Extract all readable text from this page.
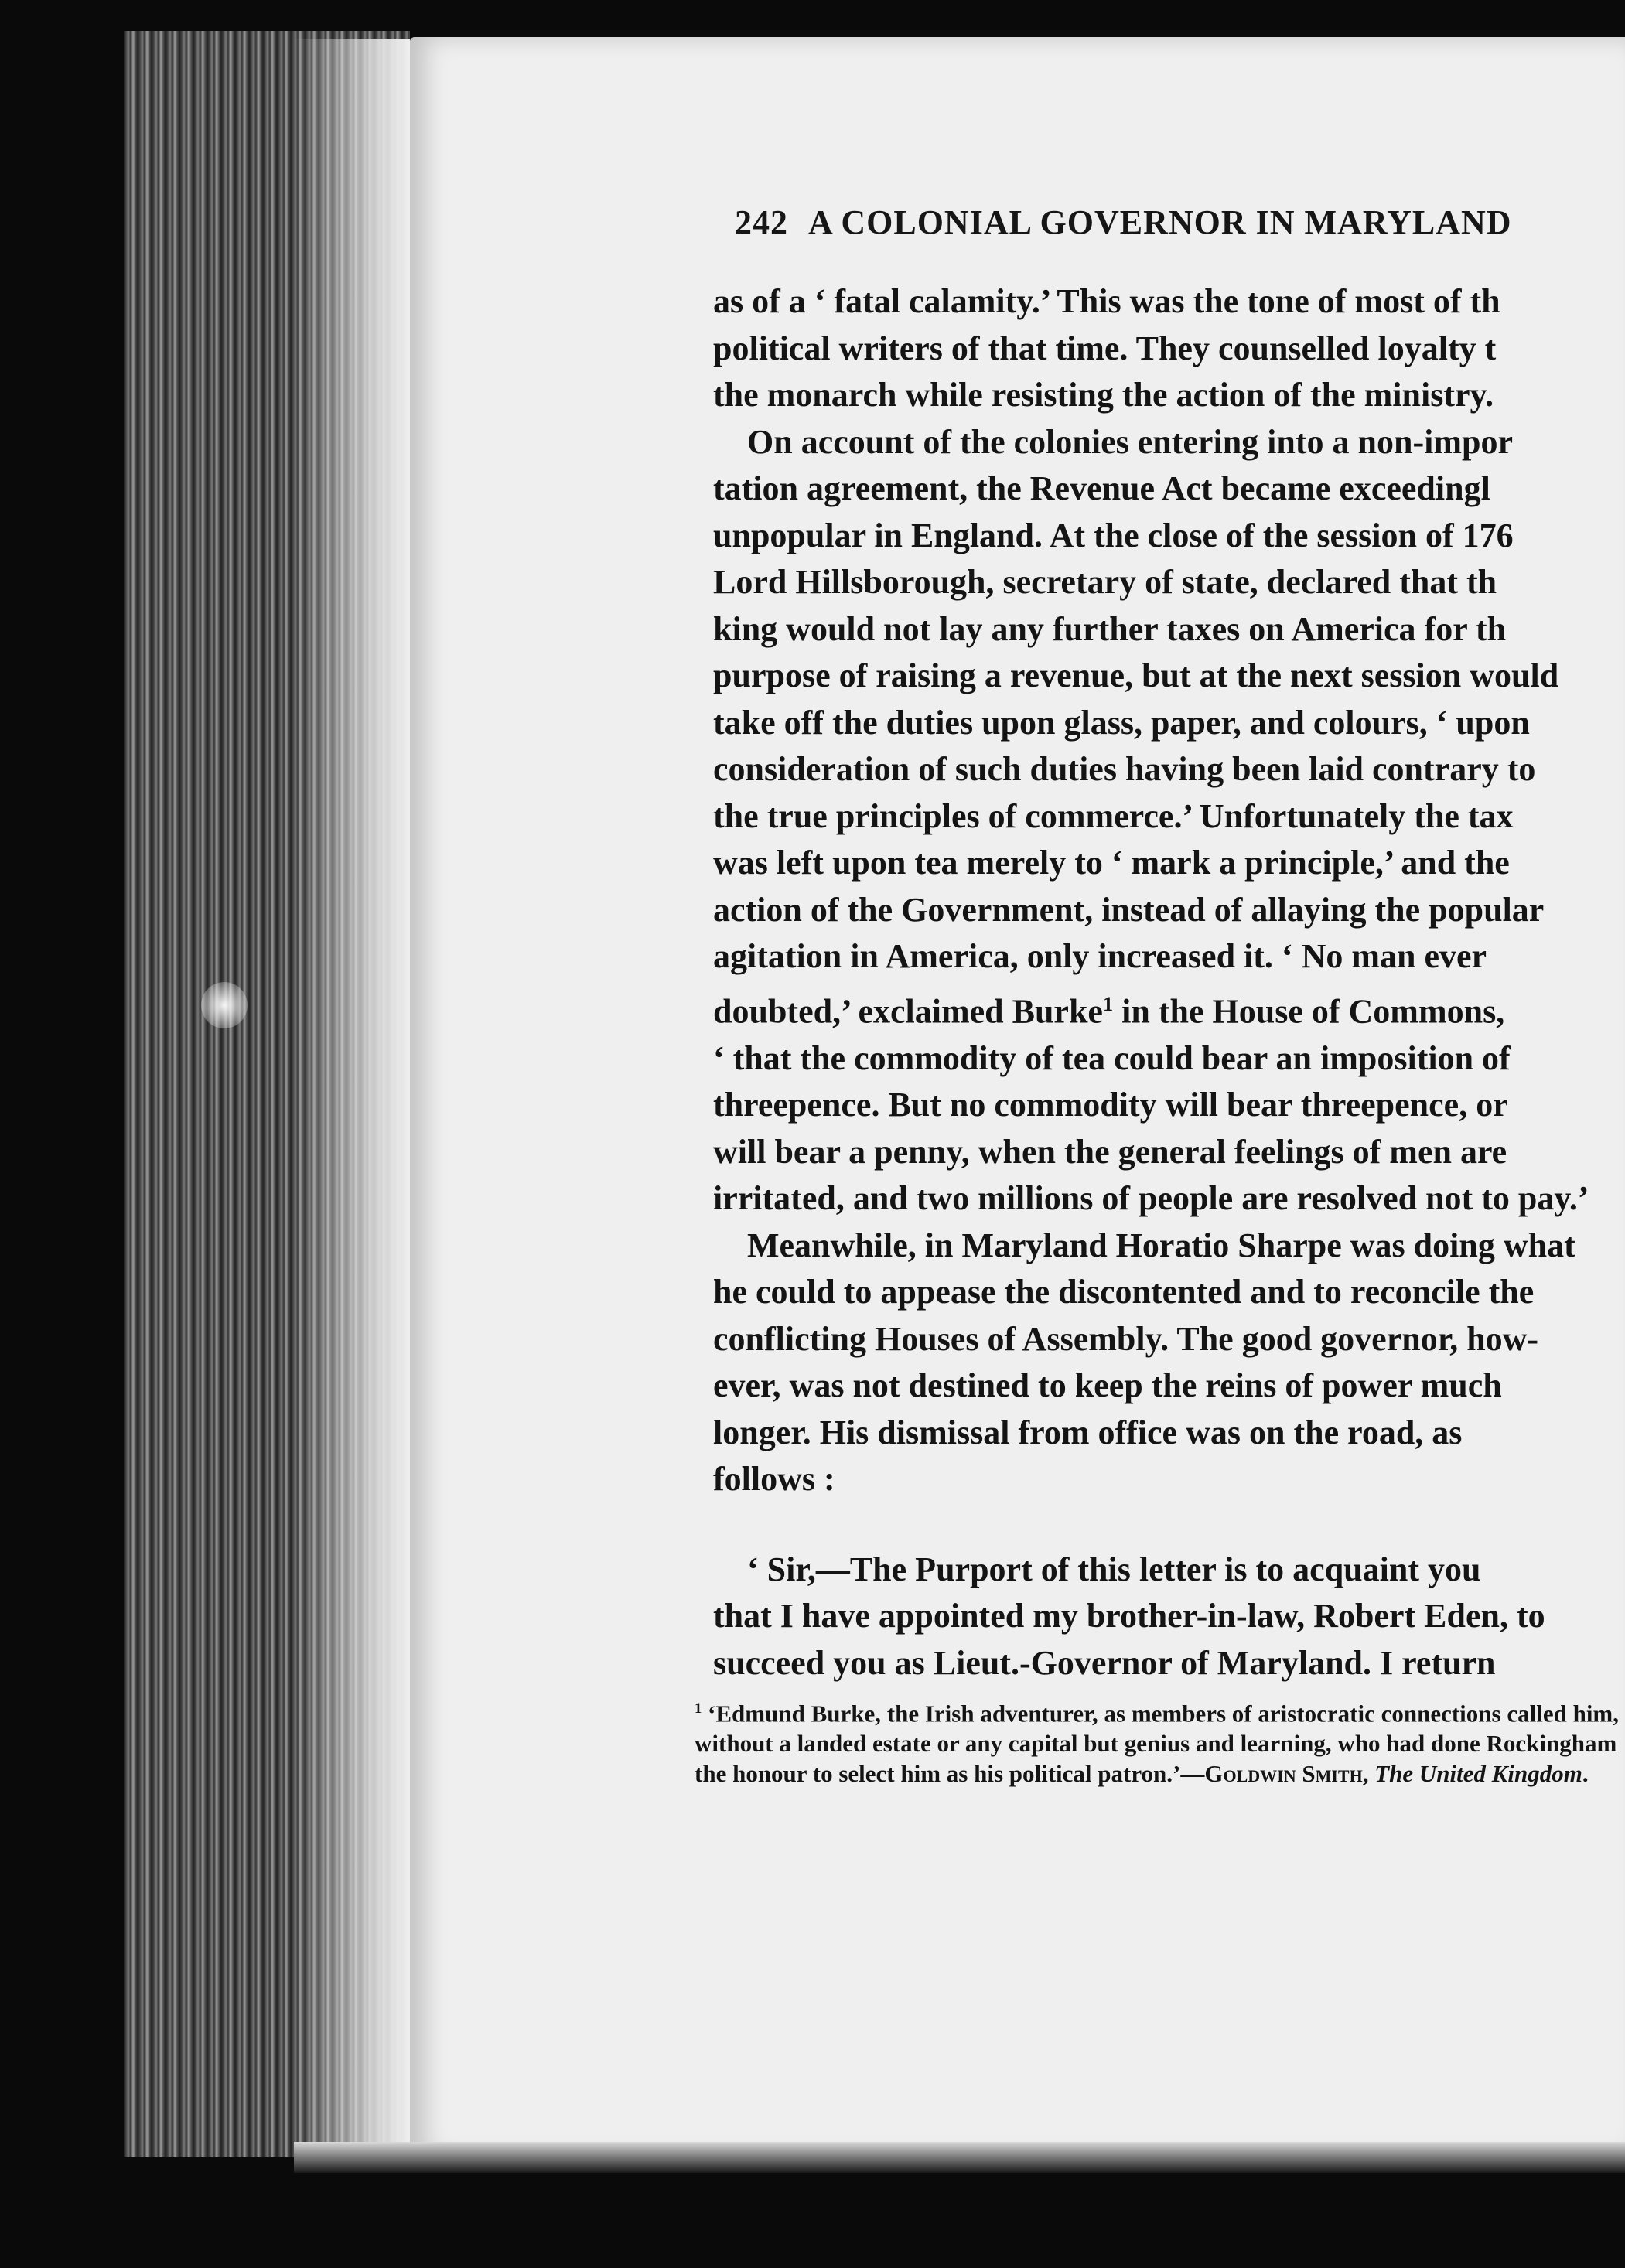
242 A COLONIAL GOVERNOR IN MARYLAND
as of a ‘ fatal calamity.’ This was the tone of most of th
political writers of that time. They counselled loyalty t
the monarch while resisting the action of the ministry.
On account of the colonies entering into a non-impor
tation agreement, the Revenue Act became exceedingl
unpopular in England. At the close of the session of 176
Lord Hillsborough, secretary of state, declared that th
king would not lay any further taxes on America for th
purpose of raising a revenue, but at the next session would
take off the duties upon glass, paper, and colours, ‘ upon
consideration of such duties having been laid contrary to
the true principles of commerce.’ Unfortunately the tax
was left upon tea merely to ‘ mark a principle,’ and the
action of the Government, instead of allaying the popular
agitation in America, only increased it. ‘ No man ever
doubted,’ exclaimed Burke$^1$ in the House of Commons,
‘ that the commodity of tea could bear an imposition of
threepence. But no commodity will bear threepence, or
will bear a penny, when the general feelings of men are
irritated, and two millions of people are resolved not to pay.’
Meanwhile, in Maryland Horatio Sharpe was doing what
he could to appease the discontented and to reconcile the
conflicting Houses of Assembly. The good governor, how-
ever, was not destined to keep the reins of power much
longer. His dismissal from office was on the road, as
follows :
‘ Sir,—The Purport of this letter is to acquaint you
that I have appointed my brother-in-law, Robert Eden, to
succeed you as Lieut.-Governor of Maryland. I return
$^1$ ‘Edmund Burke, the Irish adventurer, as members of aristocratic connections called him, without a landed estate or any capital but genius and learning, who had done Rockingham the honour to select him as his political patron.’—Goldwin Smith, The United Kingdom.
